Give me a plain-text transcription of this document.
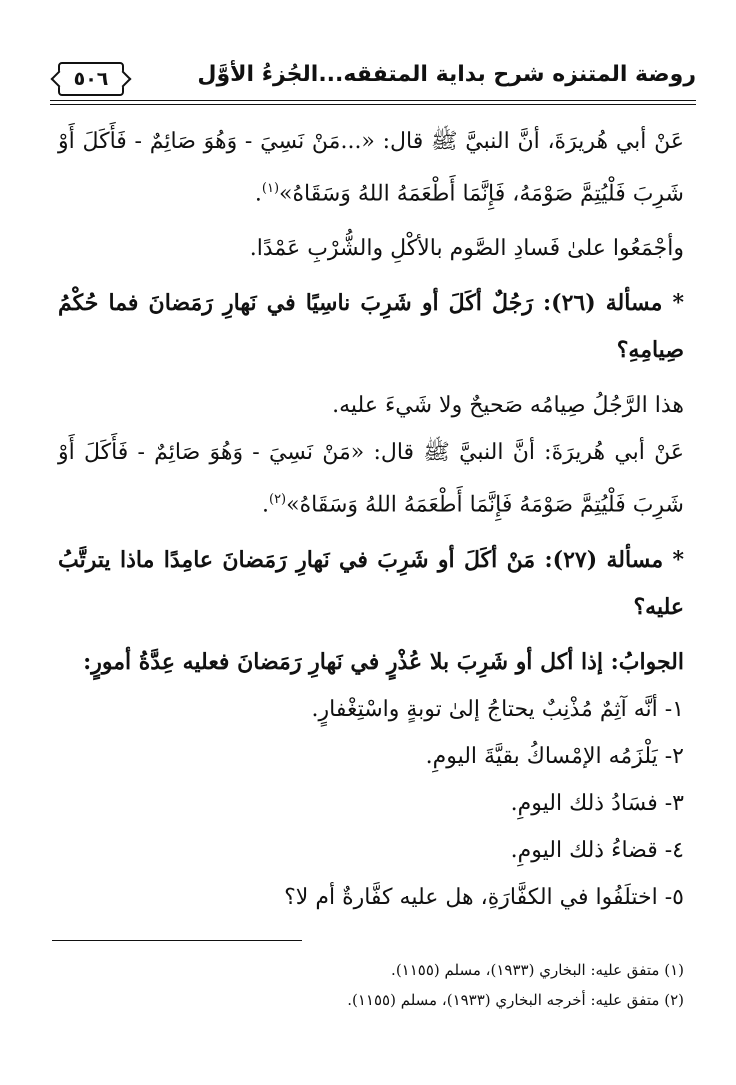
٥٠٦	روضة المتنزه شرح بداية المتفقه...الجُزءُ الأوَّل

عَنْ أبي هُريرَةَ، أنَّ النبيَّ ﷺ قال: «...مَنْ نَسِيَ - وَهُوَ صَائِمٌ - فَأَكَلَ أَوْ شَرِبَ فَلْيُتِمَّ صَوْمَهُ، فَإِنَّمَا أَطْعَمَهُ اللهُ وَسَقَاهُ»$^{(١)}$.

وأجْمَعُوا علىٰ فَسادِ الصَّوم بالأكْلِ والشُّرْبِ عَمْدًا.

* مسألة (٢٦): رَجُلٌ أكَلَ أو شَرِبَ ناسِيًا في نَهارِ رَمَضانَ فما حُكْمُ صِيامِهِ؟

هذا الرَّجُلُ صِيامُه صَحيحٌ ولا شَيءَ عليه.

عَنْ أبي هُريرَةَ: أنَّ النبيَّ ﷺ قال: «مَنْ نَسِيَ - وَهُوَ صَائِمٌ - فَأَكَلَ أَوْ شَرِبَ فَلْيُتِمَّ صَوْمَهُ فَإِنَّمَا أَطْعَمَهُ اللهُ وَسَقَاهُ»$^{(٢)}$.

* مسألة (٢٧): مَنْ أكَلَ أو شَرِبَ في نَهارِ رَمَضانَ عامِدًا ماذا يترتَّبُ عليه؟

الجوابُ: إذا أكل أو شَرِبَ بلا عُذْرٍ في نَهارِ رَمَضانَ فعليه عِدَّةُ أمورٍ:

١- أنَّه آثِمٌ مُذْنِبٌ يحتاجُ إلىٰ توبةٍ واسْتِغْفارٍ.

٢- يَلْزَمُه الإمْساكُ بقيَّةَ اليومِ.

٣- فسَادُ ذلك اليومِ.

٤- قضاءُ ذلك اليومِ.

٥- اختلَفُوا في الكفَّارَةِ، هل عليه كفَّارةٌ أم لا؟

(١) متفق عليه: البخاري (١٩٣٣)، مسلم (١١٥٥).

(٢) متفق عليه: أخرجه البخاري (١٩٣٣)، مسلم (١١٥٥).
